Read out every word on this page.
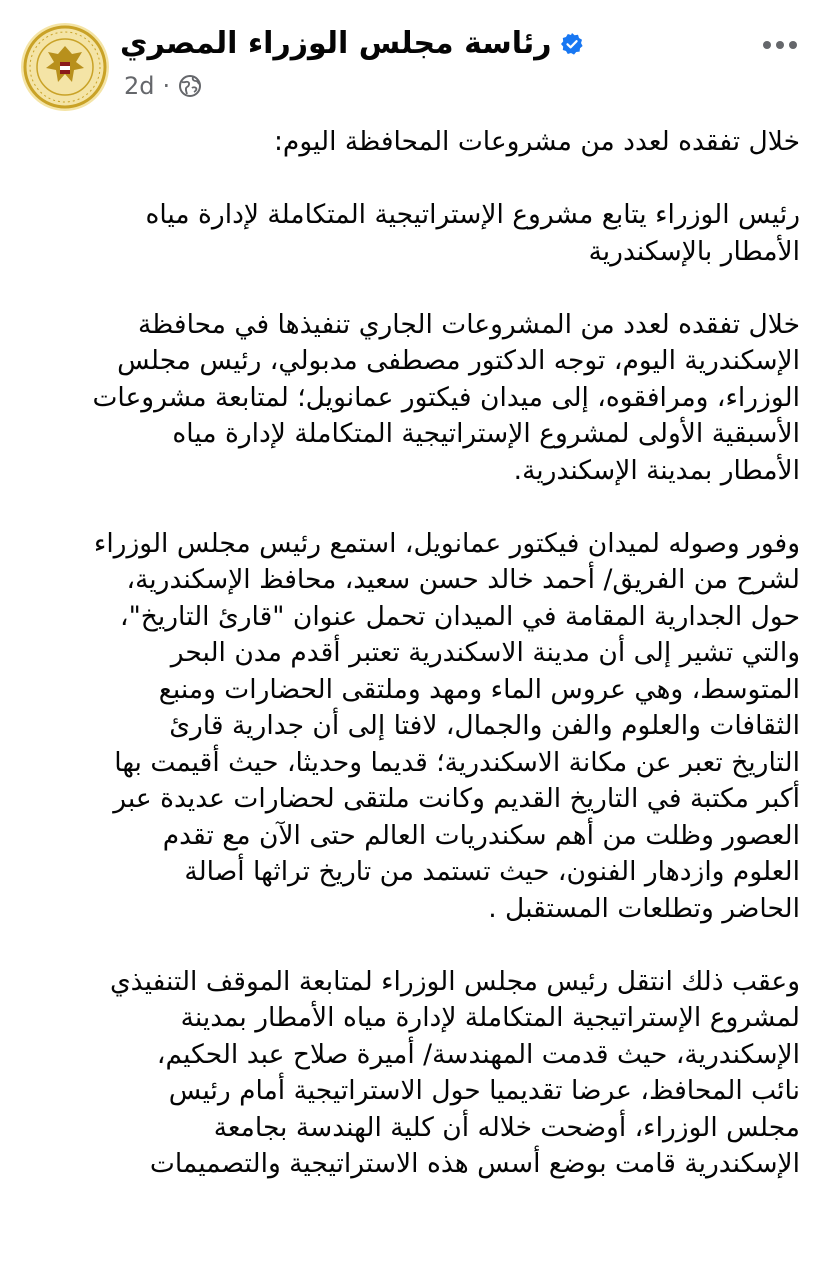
رئاسة مجلس الوزراء المصري
2d ·

خلال تفقده لعدد من مشروعات المحافظة اليوم:

رئيس الوزراء يتابع مشروع الإستراتيجية المتكاملة لإدارة مياه
الأمطار بالإسكندرية

خلال تفقده لعدد من المشروعات الجاري تنفيذها في محافظة
الإسكندرية اليوم، توجه الدكتور مصطفى مدبولي، رئيس مجلس
الوزراء، ومرافقوه، إلى ميدان فيكتور عمانويل؛ لمتابعة مشروعات
الأسبقية الأولى لمشروع الإستراتيجية المتكاملة لإدارة مياه
الأمطار بمدينة الإسكندرية.

وفور وصوله لميدان فيكتور عمانويل، استمع رئيس مجلس الوزراء
لشرح من الفريق/ أحمد خالد حسن سعيد، محافظ الإسكندرية،
حول الجدارية المقامة في الميدان تحمل عنوان "قارئ التاريخ"،
والتي تشير إلى أن مدينة الاسكندرية تعتبر أقدم مدن البحر
المتوسط، وهي عروس الماء ومهد وملتقى الحضارات ومنبع
الثقافات والعلوم والفن والجمال، لافتا إلى أن جدارية قارئ
التاريخ تعبر عن مكانة الاسكندرية؛ قديما وحديثا، حيث أقيمت بها
أكبر مكتبة في التاريخ القديم وكانت ملتقى لحضارات عديدة عبر
العصور وظلت من أهم سكندريات العالم حتى الآن مع تقدم
العلوم وازدهار الفنون، حيث تستمد من تاريخ تراثها أصالة
الحاضر وتطلعات المستقبل .

وعقب ذلك انتقل رئيس مجلس الوزراء لمتابعة الموقف التنفيذي
لمشروع الإستراتيجية المتكاملة لإدارة مياه الأمطار بمدينة
الإسكندرية، حيث قدمت المهندسة/ أميرة صلاح عبد الحكيم،
نائب المحافظ، عرضا تقديميا حول الاستراتيجية أمام رئيس
مجلس الوزراء، أوضحت خلاله أن كلية الهندسة بجامعة
الإسكندرية قامت بوضع أسس هذه الاستراتيجية والتصميمات
